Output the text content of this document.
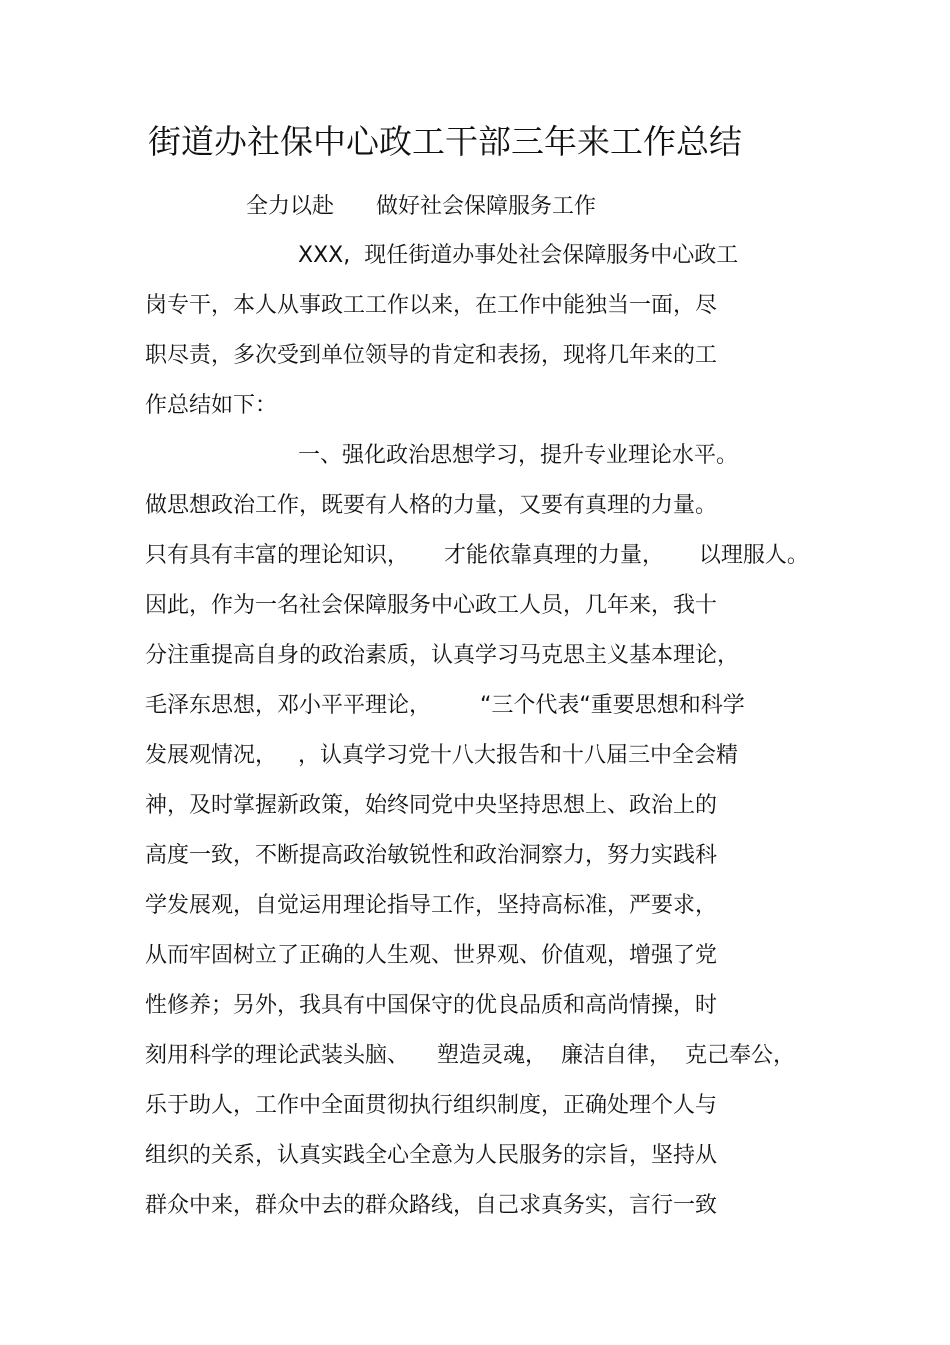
街道办社保中心政工干部三年来工作总结

全力以赴      做好社会保障服务工作

XXX,  现任街道办事处社会保障服务中心政工

岗专干，本人从事政工工作以来，在工作中能独当一面，尽

职尽责，多次受到单位领导的肯定和表扬，现将几年来的工

作总结如下：

一、强化政治思想学习，提升专业理论水平。

做思想政治工作，既要有人格的力量，又要有真理的力量。

只有具有丰富的理论知识，     才能依靠真理的力量，     以理服人。

因此，作为一名社会保障服务中心政工人员，几年来，我十

分注重提高自身的政治素质，认真学习马克思主义基本理论，

毛泽东思想，邓小平平理论，       “三个代表“重要思想和科学

发展观情况，   ，认真学习党十八大报告和十八届三中全会精

神，及时掌握新政策，始终同党中央坚持思想上、政治上的

高度一致，不断提高政治敏锐性和政治洞察力，努力实践科

学发展观，自觉运用理论指导工作，坚持高标准，严要求，

从而牢固树立了正确的人生观、世界观、价值观，增强了党

性修养；另外，我具有中国保守的优良品质和高尚情操，时

刻用科学的理论武装头脑、    塑造灵魂，  廉洁自律，  克己奉公，

乐于助人，工作中全面贯彻执行组织制度，正确处理个人与

组织的关系，认真实践全心全意为人民服务的宗旨，坚持从

群众中来，群众中去的群众路线，自己求真务实，言行一致
